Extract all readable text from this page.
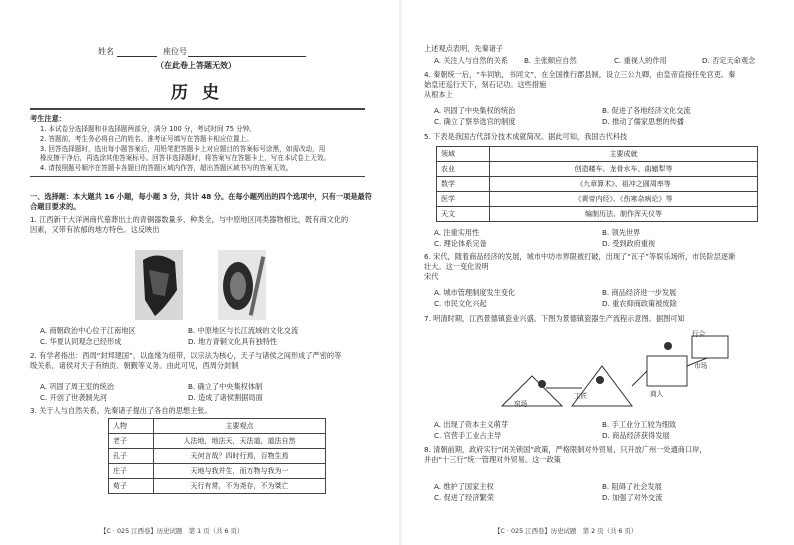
姓名	座位号
（在此卷上答题无效）
历史
考生注意：
1. 本试卷分选择题和非选择题两部分，满分 100 分，考试时间 75 分钟。
2. 答题前，考生务必将自己的姓名、准考证号填写在答题卡相应位置上。
3. 回答选择题时，选出每小题答案后，用铅笔把答题卡上对应题目的答案标号涂黑，如需改动，用
橡皮擦干净后，再选涂其他答案标号。回答非选择题时，将答案写在答题卡上，写在本试卷上无效。
4. 请按照题号顺序在答题卡各题目的答题区域内作答，超出答题区域书写的答案无效。
一、选择题：本大题共 16 小题，每小题 3 分，共计 48 分。在每小题列出的四个选项中，只有一项是最符
合题目要求的。
1. 江西新干大洋洲商代墓葬出土的青铜器数量多、种类全，与中原地区同类器物相比，既有商文化的
因素，又带有浓郁的地方特色。这反映出
A. 商朝政治中心位于江南地区	B. 中原地区与长江流域的文化交流
C. 华夏认同观念已经形成	D. 地方青铜文化具有独特性
2. 有学者指出：西周“封邦建国”，以血缘为纽带，以宗法为核心，天子与诸侯之间形成了严密的等
级关系，诸侯对天子有纳贡、朝觐等义务。由此可见，西周分封制
A. 巩固了周王室的统治	B. 确立了中央集权体制
C. 开创了世袭制先河	D. 造成了诸侯割据局面
3. 关于人与自然关系，先秦诸子提出了各自的思想主张。
人物	主要观点
老子	人法地，地法天，天法道，道法自然
孔子	天何言哉？四时行焉，百物生焉
庄子	天地与我并生，而万物与我为一
荀子	天行有常，不为尧存，不为桀亡
【C · 025 江西卷】历史试题　第 1 页（共 6 页）
上述观点表明，先秦诸子
A. 关注人与自然的关系 B. 主张顺应自然	C. 重视人的作用	D. 否定天命观念
4. 秦朝统一后，“车同轨，书同文”，在全国推行郡县制，设立三公九卿，由皇帝直接任免官吏。秦
始皇还巡行天下，刻石记功。这些措施
从根本上
A. 巩固了中央集权的统治	B. 促进了各地经济文化交流
C. 确立了察举选官的制度	D. 推动了儒家思想的传播
5. 下表是我国古代部分技术成就简况。据此可知，我国古代科技
领域	主要成就
农业	创造耧车、龙骨水车、曲辕犁等
数学	《九章算术》、祖冲之圆周率等
医学	《黄帝内经》、《伤寒杂病论》等
天文	编制历法、制作浑天仪等
A. 注重实用性	B. 领先世界
C. 理论体系完备	D. 受到政府重视
6. 宋代，随着商品经济的发展，城市中坊市界限被打破，出现了“瓦子”等娱乐场所，市民阶层逐渐
壮大。这一变化说明
宋代
A. 城市管理制度发生变化	B. 商品经济进一步发展
C. 市民文化兴起	D. 重农抑商政策被废除
7. 明清时期，江西景德镇瓷业兴盛。下图为景德镇瓷器生产流程示意图。据图可知
窑场
工匠	商人
行会
市场
A. 出现了资本主义萌芽	B. 手工业分工较为细致
C. 官营手工业占主导	D. 商品经济获得发展
8. 清朝前期，政府实行“闭关锁国”政策，严格限制对外贸易，只开放广州一处通商口岸，
并由“十三行”统一管理对外贸易。这一政策
A. 维护了国家主权	B. 阻碍了社会发展
C. 促进了经济繁荣	D. 加强了对外交流
【C · 025 江西卷】历史试题　第 2 页（共 6 页）
